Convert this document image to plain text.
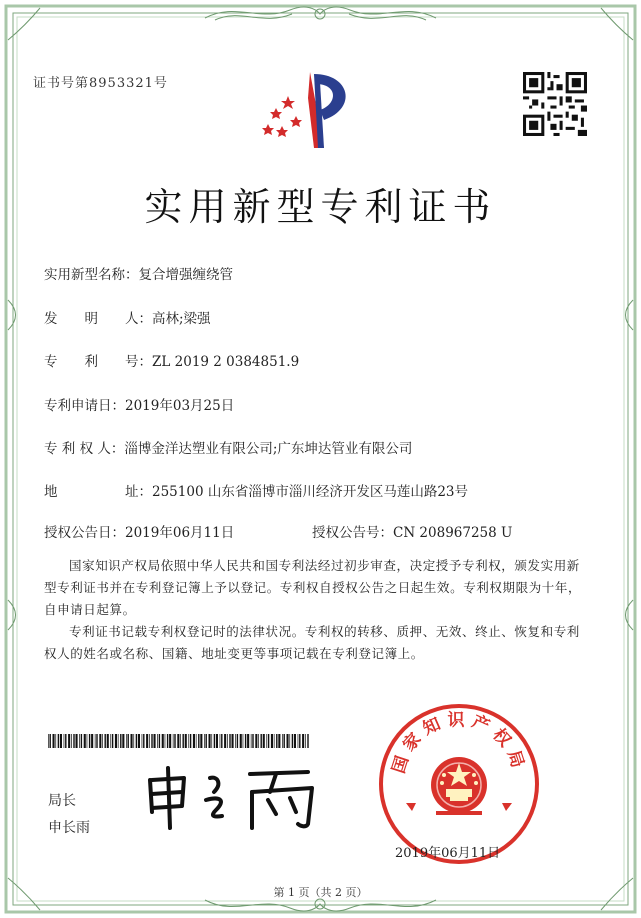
证书号第8953321号
实用新型专利证书
实用新型名称：复合增强缠绕管
发　　明　　人：高林;梁强
专　　利　　号：ZL 2019 2 0384851.9
专利申请日：2019年03月25日
专 利 权 人：淄博金洋达塑业有限公司;广东坤达管业有限公司
地　　　　　址：255100 山东省淄博市淄川经济开发区马莲山路23号
授权公告日：2019年06月11日	授权公告号：CN 208967258 U
国家知识产权局依照中华人民共和国专利法经过初步审查，决定授予专利权，颁发实用新型专利证书并在专利登记簿上予以登记。专利权自授权公告之日起生效。专利权期限为十年，自申请日起算。
专利证书记载专利权登记时的法律状况。专利权的转移、质押、无效、终止、恢复和专利权人的姓名或名称、国籍、地址变更等事项记载在专利登记簿上。
局长
申长雨
国家知识产权局
2019年06月11日
第 1 页（共 2 页）
